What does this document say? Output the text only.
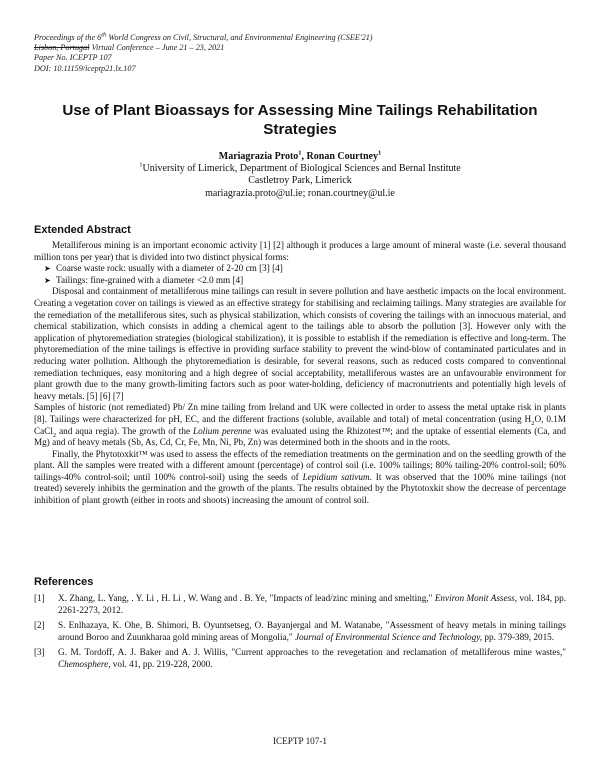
Proceedings of the 6th World Congress on Civil, Structural, and Environmental Engineering (CSEE'21)
Lisbon, Portugal Virtual Conference – June 21 – 23, 2021
Paper No. ICEPTP 107
DOI: 10.11159/iceptp21.lx.107
Use of Plant Bioassays for Assessing Mine Tailings Rehabilitation Strategies
Mariagrazia Proto$^1$, Ronan Courtney$^1$
$^1$University of Limerick, Department of Biological Sciences and Bernal Institute
Castletroy Park, Limerick
mariagrazia.proto@ul.ie; ronan.courtney@ul.ie
Extended Abstract

Metalliferous mining is an important economic activity [1] [2] although it produces a large amount of mineral waste (i.e. several thousand million tons per year) that is divided into two distinct physical forms:

➤ Coarse waste rock: usually with a diameter of 2-20 cm [3] [4]

➤ Tailings: fine-grained with a diameter <2.0 mm [4]

Disposal and containment of metalliferous mine tailings can result in severe pollution and have aesthetic impacts on the local environment. Creating a vegetation cover on tailings is viewed as an effective strategy for stabilising and reclaiming tailings. Many strategies are available for the remediation of the metalliferous sites, such as physical stabilization, which consists of covering the tailings with an innocuous material, and chemical stabilization, which consists in adding a chemical agent to the tailings able to absorb the pollution [3]. However only with the application of phytoremediation strategies (biological stabilization), it is possible to establish if the remediation is effective and long-term. The phytoremediation of the mine tailings is effective in providing surface stability to prevent the wind-blow of contaminated particulates and in reducing water pollution. Although the phytoremediation is desirable, for several reasons, such as reduced costs compared to conventional remediation techniques, easy monitoring and a high degree of social acceptability, metalliferous wastes are an unfavourable environment for plant growth due to the many growth-limiting factors such as poor water-holding, deficiency of macronutrients and potentially high levels of heavy metals. [5] [6] [7]

Samples of historic (not remediated) Pb/ Zn mine tailing from Ireland and UK were collected in order to assess the metal uptake risk in plants [8]. Tailings were characterized for pH, EC, and the different fractions (soluble, available and total) of metal concentration (using $H_2O$, 0.1M CaCl$_2$ and aqua regia). The growth of the Lolium perenne was evaluated using the Rhizotest™; and the uptake of essential elements (Ca, and Mg) and of heavy metals (Sb, As, Cd, Cr, Fe, Mn, Ni, Pb, Zn) was determined both in the shoots and in the roots.

Finally, the Phytotoxkit™ was used to assess the effects of the remediation treatments on the germination and on the seedling growth of the plant. All the samples were treated with a different amount (percentage) of control soil (i.e. 100% tailings; 80% tailing-20% control-soil; 60% tailings-40% control-soil; until 100% control-soil) using the seeds of Lepidium sativum. It was observed that the 100% mine tailings (not treated) severely inhibits the germination and the growth of the plants. The results obtained by the Phytotoxkit show the decrease of percentage inhibition of plant growth (either in roots and shoots) increasing the amount of control soil.

References
[1]	X. Zhang, L. Yang, . Y. Li , H. Li , W. Wang and . B. Ye, "Impacts of lead/zinc mining and smelting," Environ Monit Assess, vol. 184, pp. 2261-2273, 2012.
[2]	S. Enlhazaya, K. Ohe, B. Shimori, B. Oyuntsetseg, O. Bayanjergal and M. Watanabe, "Assessment of heavy metals in mining tailings around Boroo and Zuunkharaa gold mining areas of Mongolia," Journal of Environmental Science and Technology, pp. 379-389, 2015.
[3]	G. M. Tordoff, A. J. Baker and A. J. Willis, "Current approaches to the revegetation and reclamation of metalliferous mine wastes," Chemosphere, vol. 41, pp. 219-228, 2000.
ICEPTP 107-1
